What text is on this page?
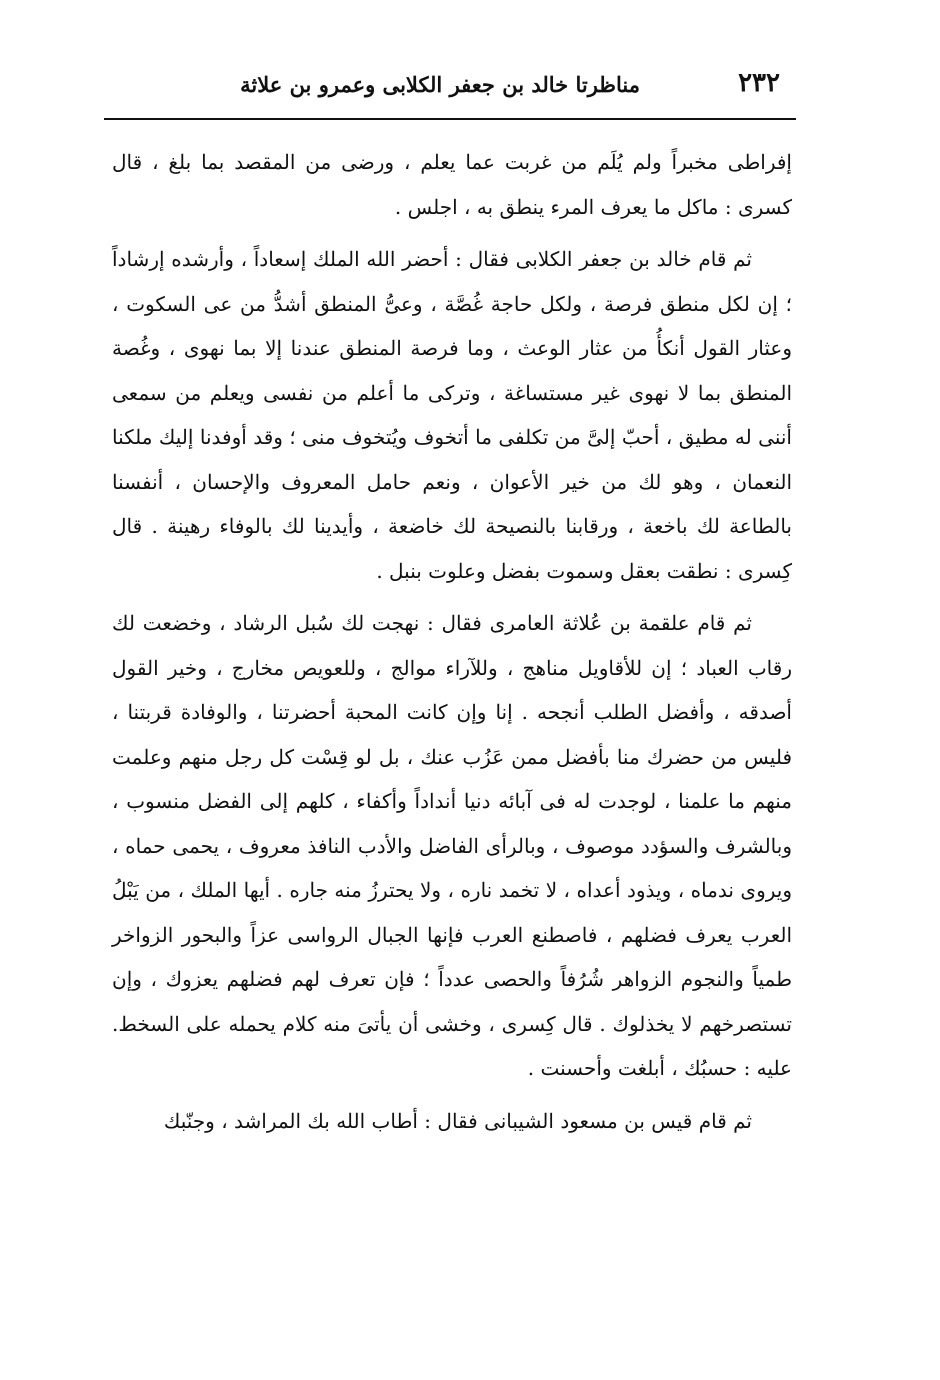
٢٣٢
مناظرتا خالد بن جعفر الكلابى وعمرو بن علاثة

إفراطى مخبراً ولم يُلَم من غربت عما يعلم ، ورضى من المقصد بما بلغ ، قال كسرى : ماكل ما يعرف المرء ينطق به ، اجلس .

ثم قام خالد بن جعفر الكلابى فقال : أحضر الله الملك إسعاداً ، وأرشده إرشاداً ؛ إن لكل منطق فرصة ، ولكل حاجة غُصَّة ، وعىُّ المنطق أشدُّ من عى السكوت ، وعثار القول أنكأُ من عثار الوعث ، وما فرصة المنطق عندنا إلا بما نهوى ، وغُصة المنطق بما لا نهوى غير مستساغة ، وتركى ما أعلم من نفسى ويعلم من سمعى أننى له مطيق ، أحبّ إلىَّ من تكلفى ما أتخوف ويُتخوف منى ؛ وقد أوفدنا إليك ملكنا النعمان ، وهو لك من خير الأعوان ، ونعم حامل المعروف والإحسان ، أنفسنا بالطاعة لك باخعة ، ورقابنا بالنصيحة لك خاضعة ، وأيدينا لك بالوفاء رهينة . قال كِسرى : نطقت بعقل وسموت بفضل وعلوت بنبل .

ثم قام علقمة بن عُلاثة العامرى فقال : نهجت لك سُبل الرشاد ، وخضعت لك رقاب العباد ؛ إن للأقاويل مناهج ، وللآراء موالج ، وللعويص مخارج ، وخير القول أصدقه ، وأفضل الطلب أنجحه . إنا وإن كانت المحبة أحضرتنا ، والوفادة قربتنا ، فليس من حضرك منا بأفضل ممن عَزُب عنك ، بل لو قِسْت كل رجل منهم وعلمت منهم ما علمنا ، لوجدت له فى آبائه دنيا أنداداً وأكفاء ، كلهم إلى الفضل منسوب ، وبالشرف والسؤدد موصوف ، وبالرأى الفاضل والأدب النافذ معروف ، يحمى حماه ، ويروى ندماه ، ويذود أعداه ، لا تخمد ناره ، ولا يحترزُ منه جاره . أيها الملك ، من يَبْلُ العرب يعرف فضلهم ، فاصطنع العرب فإنها الجبال الرواسى عزاً والبحور الزواخر طمياً والنجوم الزواهر شُرُفاً والحصى عدداً ؛ فإن تعرف لهم فضلهم يعزوك ، وإن تستصرخهم لا يخذلوك . قال كِسرى ، وخشى أن يأتىَ منه كلام يحمله على السخط. عليه : حسبُك ، أبلغت وأحسنت .

ثم قام قيس بن مسعود الشيبانى فقال : أطاب الله بك المراشد ، وجنّبك
